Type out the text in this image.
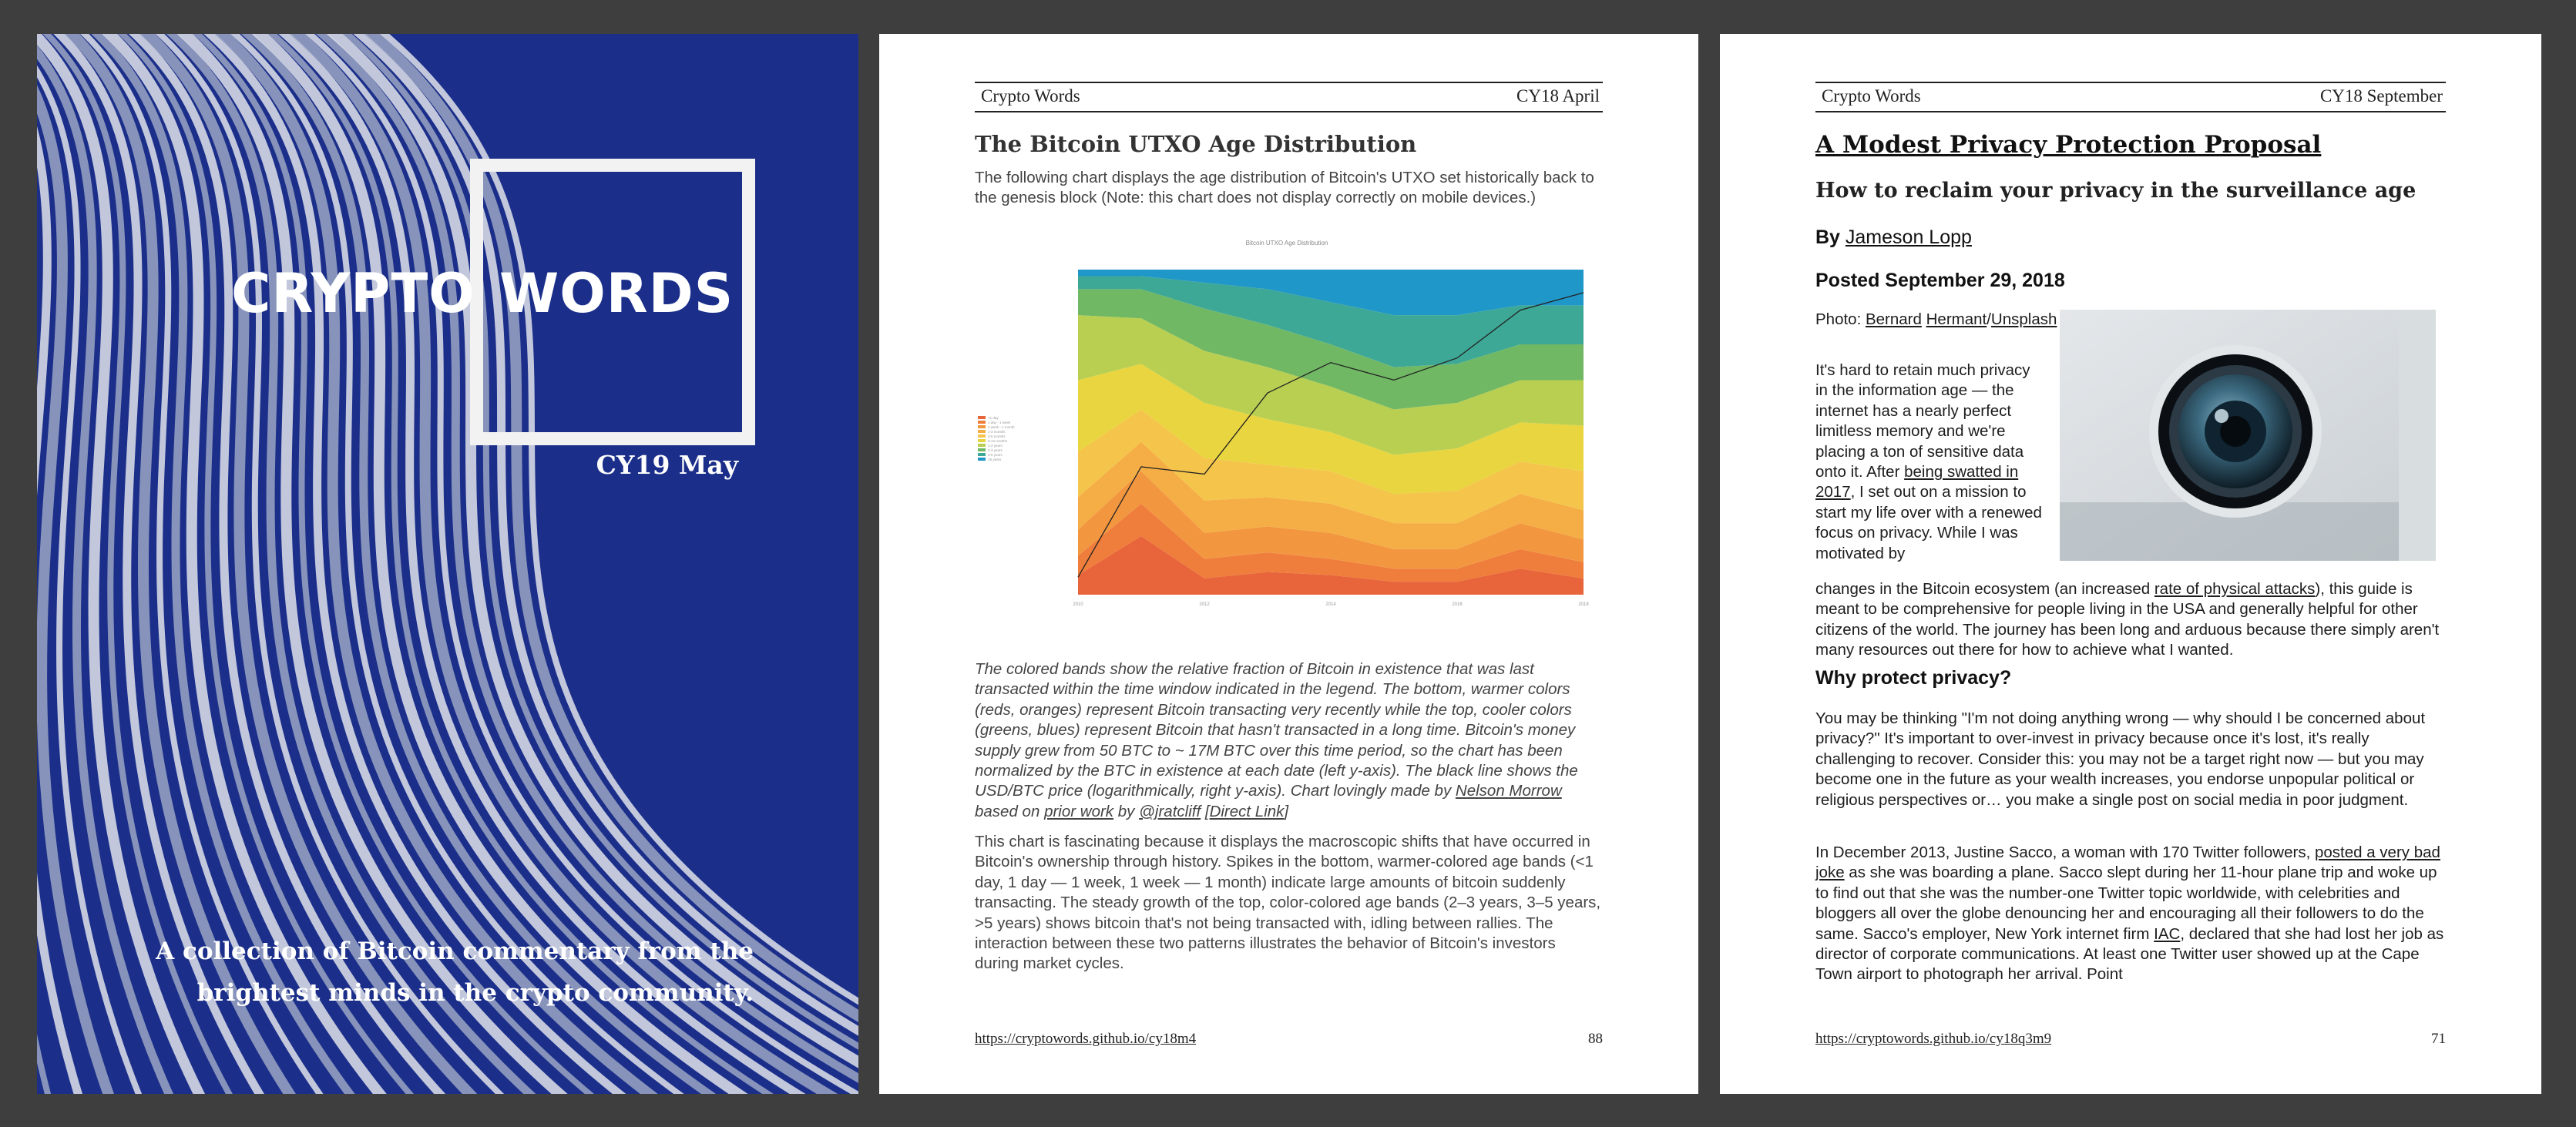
CRYPTO WORDS
CY19 May
A collection of Bitcoin commentary from the
brightest minds in the crypto community.
Crypto Words	CY18 April
The Bitcoin UTXO Age Distribution
The following chart displays the age distribution of Bitcoin's UTXO set historically back to the genesis block (Note: this chart does not display correctly on mobile devices.)
Bitcoin UTXO Age Distribution
<1 day
1 day - 1 week
1 week - 1 month
1-3 months
3-6 months
6-12 months
1-2 years
2-3 years
3-5 years
>5 years
2010	2012	2014	2016	2018
The colored bands show the relative fraction of Bitcoin in existence that was last transacted within the time window indicated in the legend. The bottom, warmer colors (reds, oranges) represent Bitcoin transacting very recently while the top, cooler colors (greens, blues) represent Bitcoin that hasn't transacted in a long time. Bitcoin's money supply grew from 50 BTC to ~ 17M BTC over this time period, so the chart has been normalized by the BTC in existence at each date (left y-axis). The black line shows the USD/BTC price (logarithmically, right y-axis). Chart lovingly made by Nelson Morrow based on prior work by @jratcliff [Direct Link]
This chart is fascinating because it displays the macroscopic shifts that have occurred in Bitcoin's ownership through history. Spikes in the bottom, warmer-colored age bands (<1 day, 1 day — 1 week, 1 week — 1 month) indicate large amounts of bitcoin suddenly transacting. The steady growth of the top, color-colored age bands (2–3 years, 3–5 years, >5 years) shows bitcoin that's not being transacted with, idling between rallies. The interaction between these two patterns illustrates the behavior of Bitcoin's investors during market cycles.
https://cryptowords.github.io/cy18m4	88
Crypto Words	CY18 September
A Modest Privacy Protection Proposal
How to reclaim your privacy in the surveillance age
By Jameson Lopp
Posted September 29, 2018
Photo: Bernard Hermant/Unsplash
It's hard to retain much privacy in the information age — the internet has a nearly perfect limitless memory and we're placing a ton of sensitive data onto it. After being swatted in 2017, I set out on a mission to start my life over with a renewed focus on privacy. While I was motivated by
changes in the Bitcoin ecosystem (an increased rate of physical attacks), this guide is meant to be comprehensive for people living in the USA and generally helpful for other citizens of the world. The journey has been long and arduous because there simply aren't many resources out there for how to achieve what I wanted.
Why protect privacy?
You may be thinking "I'm not doing anything wrong — why should I be concerned about privacy?" It's important to over-invest in privacy because once it's lost, it's really challenging to recover. Consider this: you may not be a target right now — but you may become one in the future as your wealth increases, you endorse unpopular political or religious perspectives or… you make a single post on social media in poor judgment.
In December 2013, Justine Sacco, a woman with 170 Twitter followers, posted a very bad joke as she was boarding a plane. Sacco slept during her 11-hour plane trip and woke up to find out that she was the number-one Twitter topic worldwide, with celebrities and bloggers all over the globe denouncing her and encouraging all their followers to do the same. Sacco's employer, New York internet firm IAC, declared that she had lost her job as director of corporate communications. At least one Twitter user showed up at the Cape Town airport to photograph her arrival. Point
https://cryptowords.github.io/cy18q3m9	71
